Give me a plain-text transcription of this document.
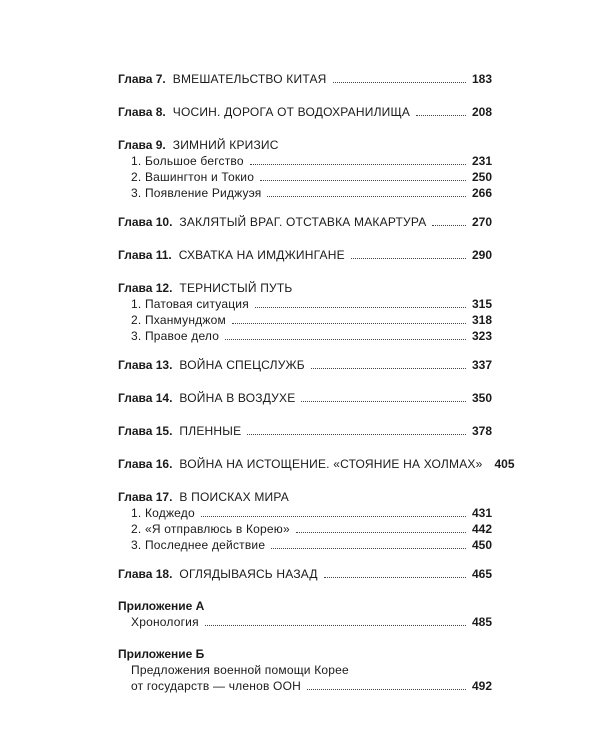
Глава 7. ВМЕШАТЕЛЬСТВО КИТАЯ	183
Глава 8. ЧОСИН. ДОРОГА ОТ ВОДОХРАНИЛИЩА	208
Глава 9. ЗИМНИЙ КРИЗИС
1. Большое бегство	231
2. Вашингтон и Токио	250
3. Появление Риджуэя	266
Глава 10. ЗАКЛЯТЫЙ ВРАГ. ОТСТАВКА МАКАРТУРА	270
Глава 11. СХВАТКА НА ИМДЖИНГАНЕ	290
Глава 12. ТЕРНИСТЫЙ ПУТЬ
1. Патовая ситуация	315
2. Пханмунджом	318
3. Правое дело	323
Глава 13. ВОЙНА СПЕЦСЛУЖБ	337
Глава 14. ВОЙНА В ВОЗДУХЕ	350
Глава 15. ПЛЕННЫЕ	378
Глава 16. ВОЙНА НА ИСТОЩЕНИЕ. «СТОЯНИЕ НА ХОЛМАХ» 405
Глава 17. В ПОИСКАХ МИРА
1. Коджедо	431
2. «Я отправлюсь в Корею»	442
3. Последнее действие	450
Глава 18. ОГЛЯДЫВАЯСЬ НАЗАД	465
Приложение А
Хронология	485
Приложение Б
Предложения военной помощи Корее
от государств — членов ООН	492
